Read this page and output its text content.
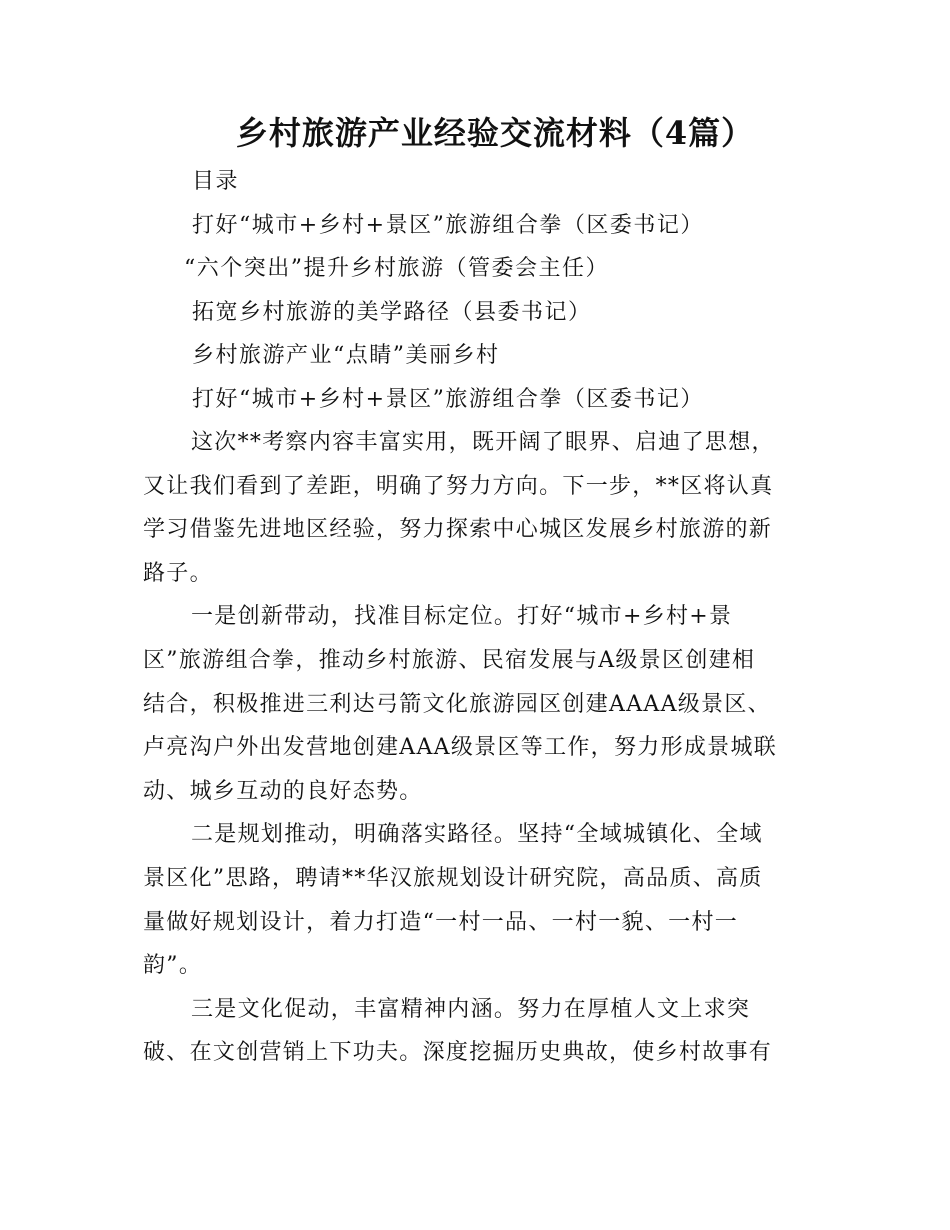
乡村旅游产业经验交流材料（4篇）
目录
打好“城市+乡村+景区”旅游组合拳（区委书记）
“六个突出”提升乡村旅游（管委会主任）
拓宽乡村旅游的美学路径（县委书记）
乡村旅游产业“点睛”美丽乡村
打好“城市+乡村+景区”旅游组合拳（区委书记）

这次**考察内容丰富实用，既开阔了眼界、启迪了思想，
又让我们看到了差距，明确了努力方向。下一步，**区将认真
学习借鉴先进地区经验，努力探索中心城区发展乡村旅游的新
路子。

一是创新带动，找准目标定位。打好“城市+乡村+景
区”旅游组合拳，推动乡村旅游、民宿发展与A级景区创建相
结合，积极推进三利达弓箭文化旅游园区创建AAAA级景区、
卢亮沟户外出发营地创建AAA级景区等工作，努力形成景城联
动、城乡互动的良好态势。

二是规划推动，明确落实路径。坚持“全域城镇化、全域
景区化”思路，聘请**华汉旅规划设计研究院，高品质、高质
量做好规划设计，着力打造“一村一品、一村一貌、一村一
韵”。

三是文化促动，丰富精神内涵。努力在厚植人文上求突
破、在文创营销上下功夫。深度挖掘历史典故，使乡村故事有
